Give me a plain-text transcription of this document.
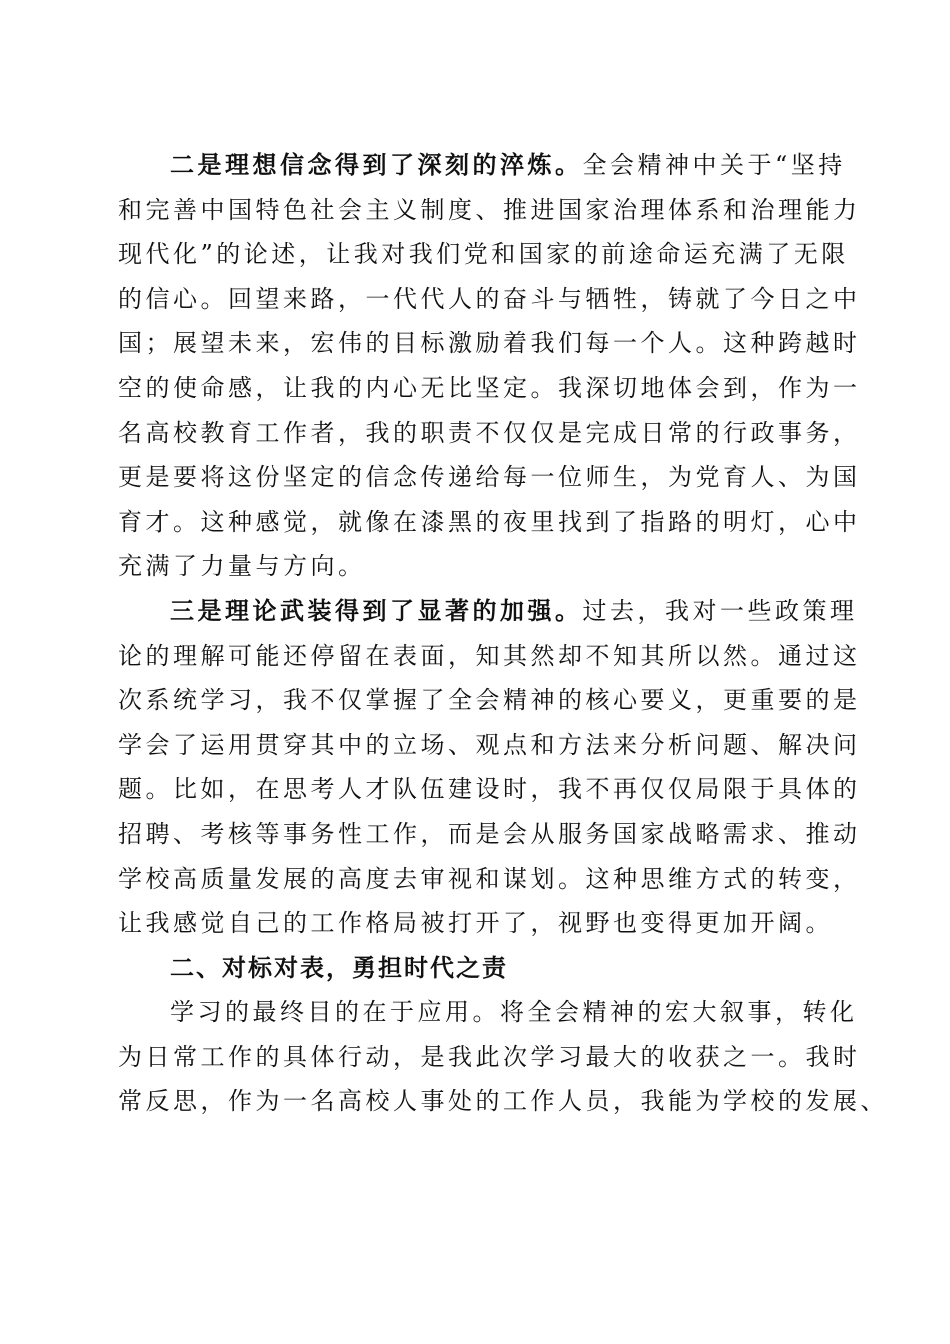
二是理想信念得到了深刻的淬炼。全会精神中关于“坚持
和完善中国特色社会主义制度、推进国家治理体系和治理能力
现代化”的论述，让我对我们党和国家的前途命运充满了无限
的信心。回望来路，一代代人的奋斗与牺牲，铸就了今日之中
国；展望未来，宏伟的目标激励着我们每一个人。这种跨越时
空的使命感，让我的内心无比坚定。我深切地体会到，作为一
名高校教育工作者，我的职责不仅仅是完成日常的行政事务，
更是要将这份坚定的信念传递给每一位师生，为党育人、为国
育才。这种感觉，就像在漆黑的夜里找到了指路的明灯，心中
充满了力量与方向。
三是理论武装得到了显著的加强。过去，我对一些政策理
论的理解可能还停留在表面，知其然却不知其所以然。通过这
次系统学习，我不仅掌握了全会精神的核心要义，更重要的是
学会了运用贯穿其中的立场、观点和方法来分析问题、解决问
题。比如，在思考人才队伍建设时，我不再仅仅局限于具体的
招聘、考核等事务性工作，而是会从服务国家战略需求、推动
学校高质量发展的高度去审视和谋划。这种思维方式的转变，
让我感觉自己的工作格局被打开了，视野也变得更加开阔。
二、对标对表，勇担时代之责
学习的最终目的在于应用。将全会精神的宏大叙事，转化
为日常工作的具体行动，是我此次学习最大的收获之一。我时
常反思，作为一名高校人事处的工作人员，我能为学校的发展、
